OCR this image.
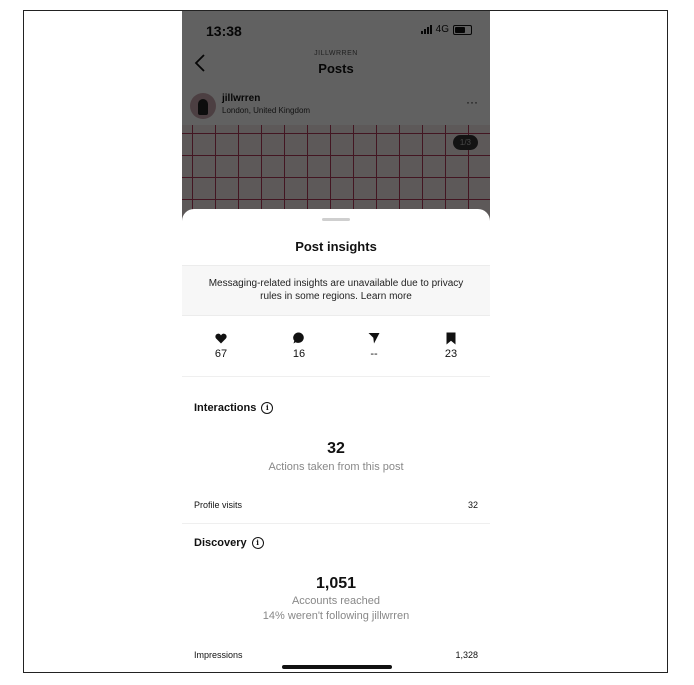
Post insights
Messaging-related insights are unavailable due to privacy rules in some regions. Learn more
67	16	--	23
Interactions	i
32
Actions taken from this post
Profile visits	32
Discovery	i
1,051
Accounts reached
14% weren't following jillwrren
Impressions	1,328
